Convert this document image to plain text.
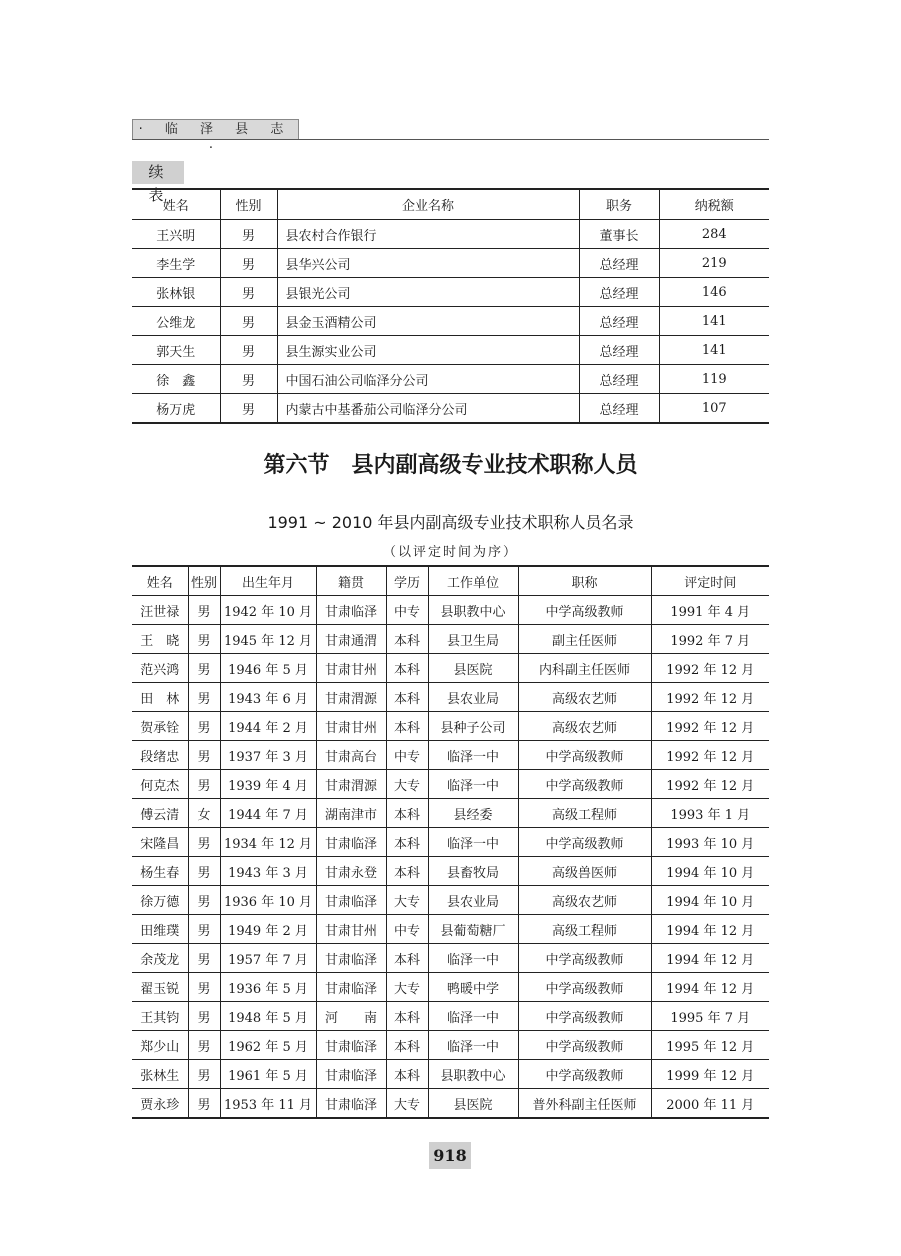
· 临 泽 县 志 ·
续 表
姓名	性别	企业名称	职务	纳税额
王兴明	男	县农村合作银行	董事长	284
李生学	男	县华兴公司	总经理	219
张林银	男	县银光公司	总经理	146
公维龙	男	县金玉酒精公司	总经理	141
郭天生	男	县生源实业公司	总经理	141
徐　鑫	男	中国石油公司临泽分公司	总经理	119
杨万虎	男	内蒙古中基番茄公司临泽分公司	总经理	107
第六节　县内副高级专业技术职称人员
1991 ~ 2010 年县内副高级专业技术职称人员名录
（以评定时间为序）
姓名	性别	出生年月	籍贯	学历	工作单位	职称	评定时间
汪世禄	男	1942 年 10 月	甘肃临泽	中专	县职教中心	中学高级教师	1991 年 4 月
王　晓	男	1945 年 12 月	甘肃通渭	本科	县卫生局	副主任医师	1992 年 7 月
范兴鸿	男	1946 年 5 月	甘肃甘州	本科	县医院	内科副主任医师	1992 年 12 月
田　林	男	1943 年 6 月	甘肃渭源	本科	县农业局	高级农艺师	1992 年 12 月
贺承铨	男	1944 年 2 月	甘肃甘州	本科	县种子公司	高级农艺师	1992 年 12 月
段绪忠	男	1937 年 3 月	甘肃高台	中专	临泽一中	中学高级教师	1992 年 12 月
何克杰	男	1939 年 4 月	甘肃渭源	大专	临泽一中	中学高级教师	1992 年 12 月
傅云清	女	1944 年 7 月	湖南津市	本科	县经委	高级工程师	1993 年 1 月
宋隆昌	男	1934 年 12 月	甘肃临泽	本科	临泽一中	中学高级教师	1993 年 10 月
杨生春	男	1943 年 3 月	甘肃永登	本科	县畜牧局	高级兽医师	1994 年 10 月
徐万德	男	1936 年 10 月	甘肃临泽	大专	县农业局	高级农艺师	1994 年 10 月
田维璞	男	1949 年 2 月	甘肃甘州	中专	县葡萄糖厂	高级工程师	1994 年 12 月
余茂龙	男	1957 年 7 月	甘肃临泽	本科	临泽一中	中学高级教师	1994 年 12 月
翟玉锐	男	1936 年 5 月	甘肃临泽	大专	鸭暖中学	中学高级教师	1994 年 12 月
王其钧	男	1948 年 5 月	河　　南	本科	临泽一中	中学高级教师	1995 年 7 月
郑少山	男	1962 年 5 月	甘肃临泽	本科	临泽一中	中学高级教师	1995 年 12 月
张林生	男	1961 年 5 月	甘肃临泽	本科	县职教中心	中学高级教师	1999 年 12 月
贾永珍	男	1953 年 11 月	甘肃临泽	大专	县医院	普外科副主任医师	2000 年 11 月
918
